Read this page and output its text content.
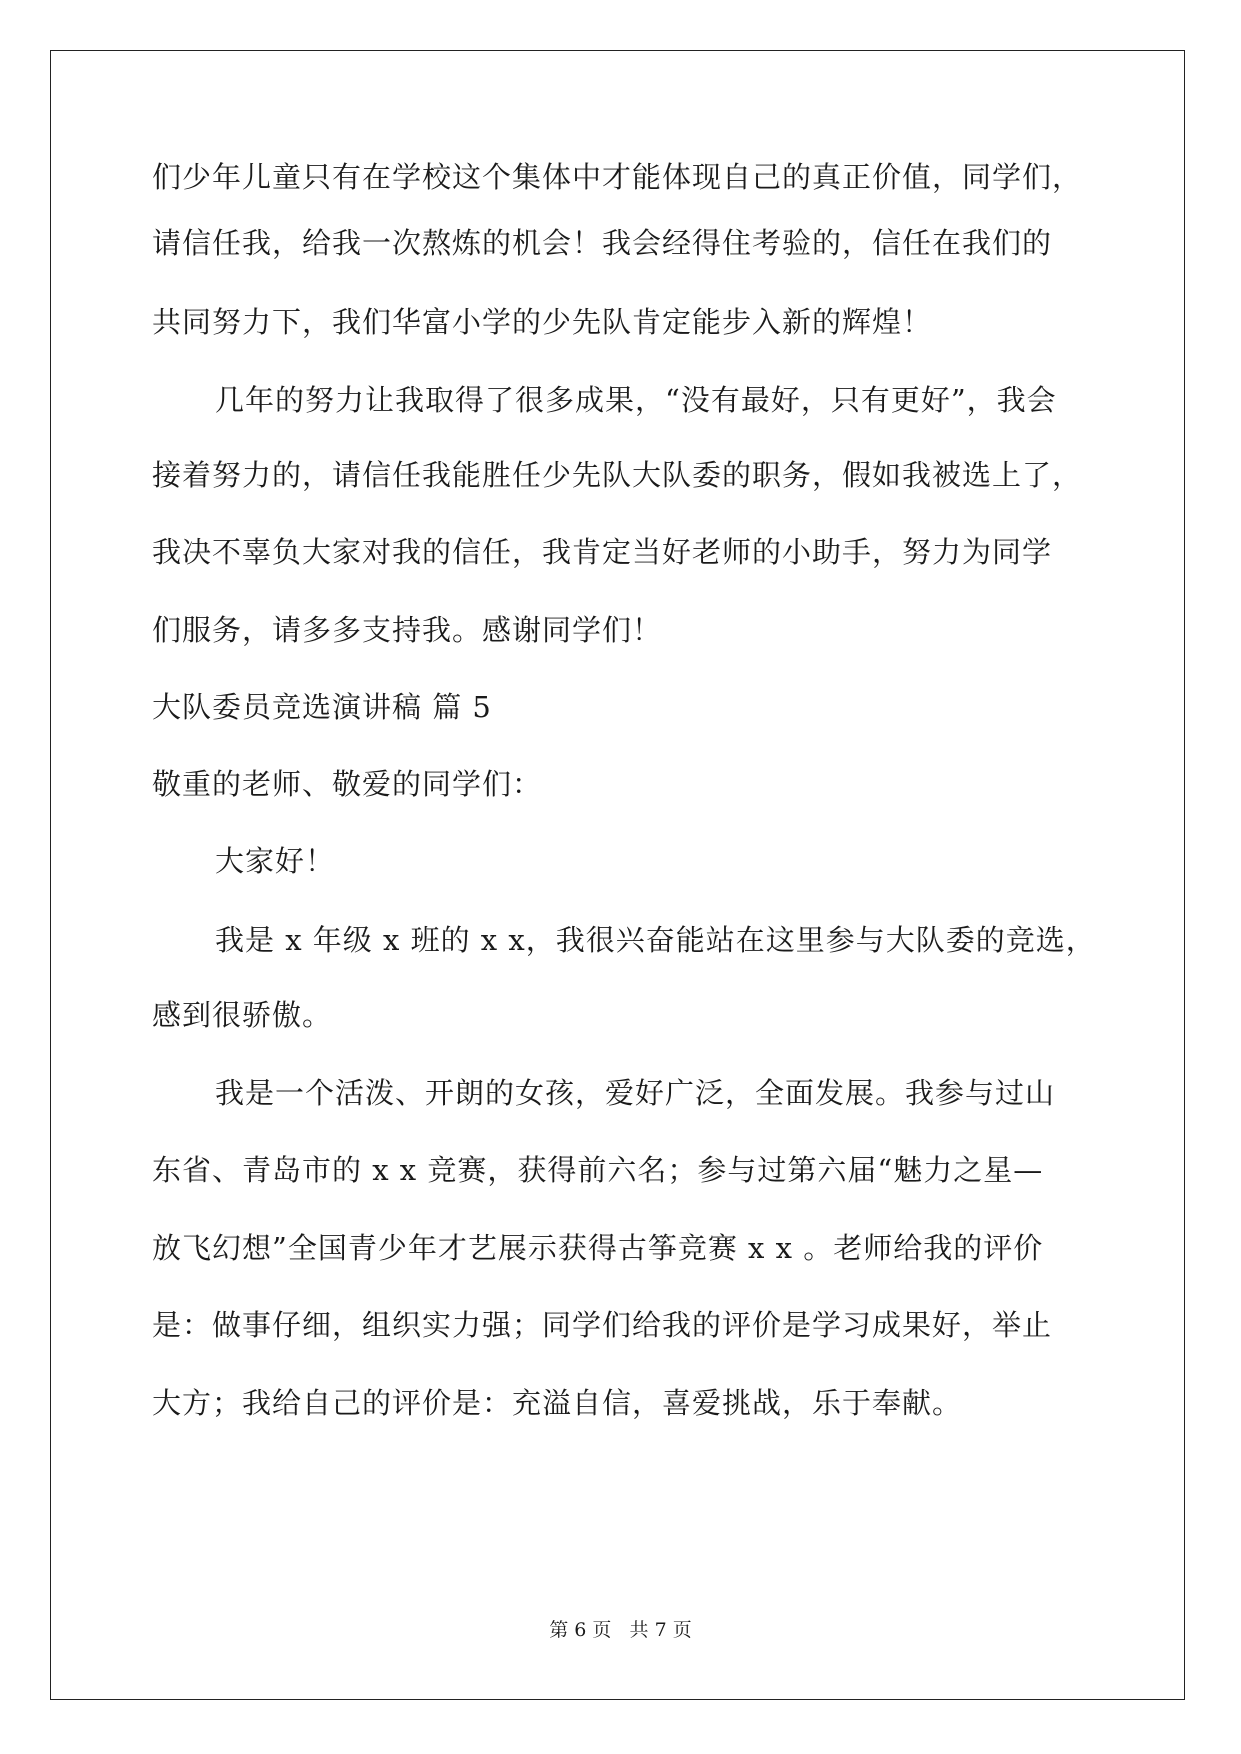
们少年儿童只有在学校这个集体中才能体现自己的真正价值，同学们，
请信任我，给我一次熬炼的机会！我会经得住考验的，信任在我们的
共同努力下，我们华富小学的少先队肯定能步入新的辉煌！
几年的努力让我取得了很多成果，“没有最好，只有更好”，我会
接着努力的，请信任我能胜任少先队大队委的职务，假如我被选上了，
我决不辜负大家对我的信任，我肯定当好老师的小助手，努力为同学
们服务，请多多支持我。感谢同学们！
大队委员竞选演讲稿 篇 5
敬重的老师、敬爱的同学们：
大家好！
我是 x 年级 x 班的 x x，我很兴奋能站在这里参与大队委的竞选，
感到很骄傲。
我是一个活泼、开朗的女孩，爱好广泛，全面发展。我参与过山
东省、青岛市的 x x 竞赛，获得前六名；参与过第六届“魅力之星—
放飞幻想”全国青少年才艺展示获得古筝竞赛 x x 。老师给我的评价
是：做事仔细，组织实力强；同学们给我的评价是学习成果好，举止
大方；我给自己的评价是：充溢自信，喜爱挑战，乐于奉献。
第 6 页   共 7 页
